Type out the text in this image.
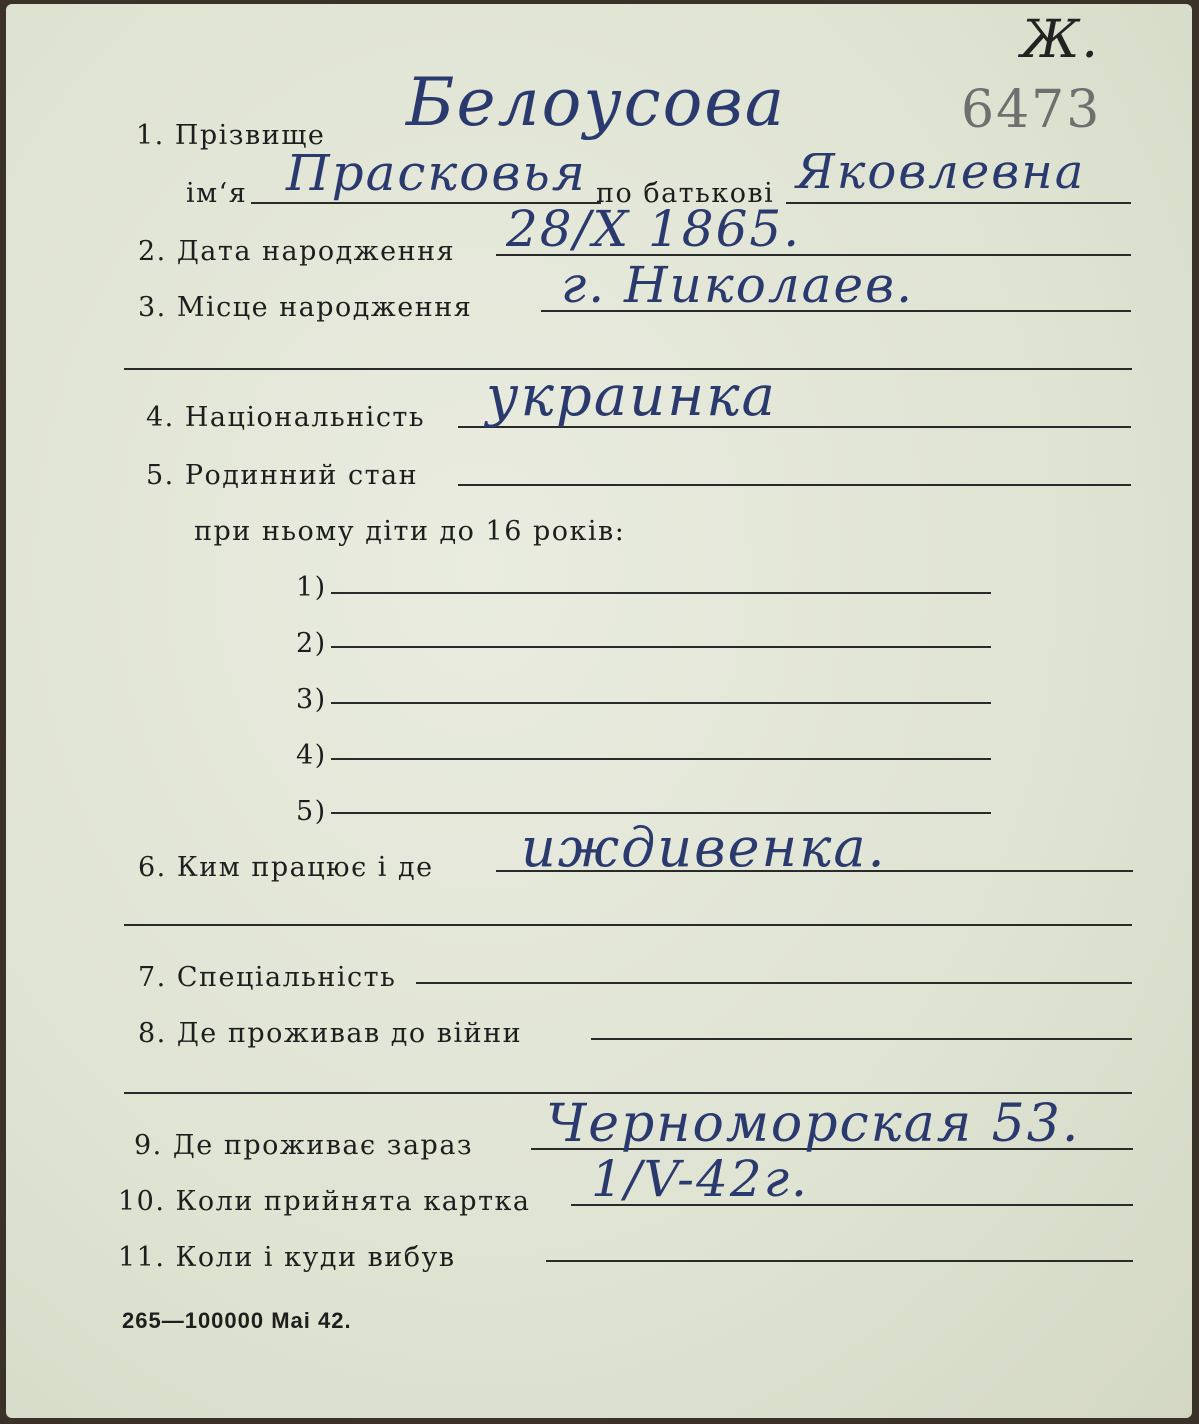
Ж.
6473
1. Прізвище Белоусова
ім‘я Прасковья по батькові Яковлевна
2. Дата народження 28/X 1865.
3. Місце народження г. Николаев.
4. Національність украинка
5. Родинний стан
при ньому діти до 16 років:
1)
2)
3)
4)
5)
6. Ким працює і де иждивенка.
7. Спеціальність
8. Де проживав до війни
9. Де проживає зараз Черноморская 53.
10. Коли прийнята картка 1/V-42г.
11. Коли і куди вибув
265—100000 Mai 42.
